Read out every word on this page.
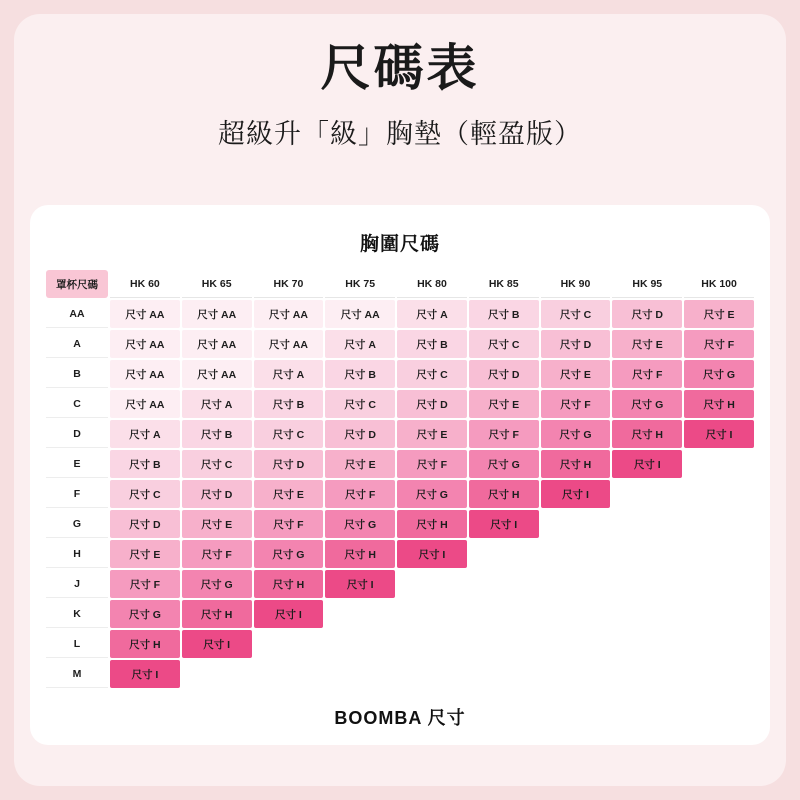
尺碼表
超級升「級」胸墊（輕盈版）
胸圍尺碼
罩杯尺碼	HK 60	HK 65	HK 70	HK 75	HK 80	HK 85	HK 90	HK 95	HK 100
AA	尺寸 AA	尺寸 AA	尺寸 AA	尺寸 AA	尺寸 A	尺寸 B	尺寸 C	尺寸 D	尺寸 E
A	尺寸 AA	尺寸 AA	尺寸 AA	尺寸 A	尺寸 B	尺寸 C	尺寸 D	尺寸 E	尺寸 F
B	尺寸 AA	尺寸 AA	尺寸 A	尺寸 B	尺寸 C	尺寸 D	尺寸 E	尺寸 F	尺寸 G
C	尺寸 AA	尺寸 A	尺寸 B	尺寸 C	尺寸 D	尺寸 E	尺寸 F	尺寸 G	尺寸 H
D	尺寸 A	尺寸 B	尺寸 C	尺寸 D	尺寸 E	尺寸 F	尺寸 G	尺寸 H	尺寸 I
E	尺寸 B	尺寸 C	尺寸 D	尺寸 E	尺寸 F	尺寸 G	尺寸 H	尺寸 I	
F	尺寸 C	尺寸 D	尺寸 E	尺寸 F	尺寸 G	尺寸 H	尺寸 I		
G	尺寸 D	尺寸 E	尺寸 F	尺寸 G	尺寸 H	尺寸 I			
H	尺寸 E	尺寸 F	尺寸 G	尺寸 H	尺寸 I				
J	尺寸 F	尺寸 G	尺寸 H	尺寸 I					
K	尺寸 G	尺寸 H	尺寸 I						
L	尺寸 H	尺寸 I							
M	尺寸 I								
BOOMBA 尺寸
